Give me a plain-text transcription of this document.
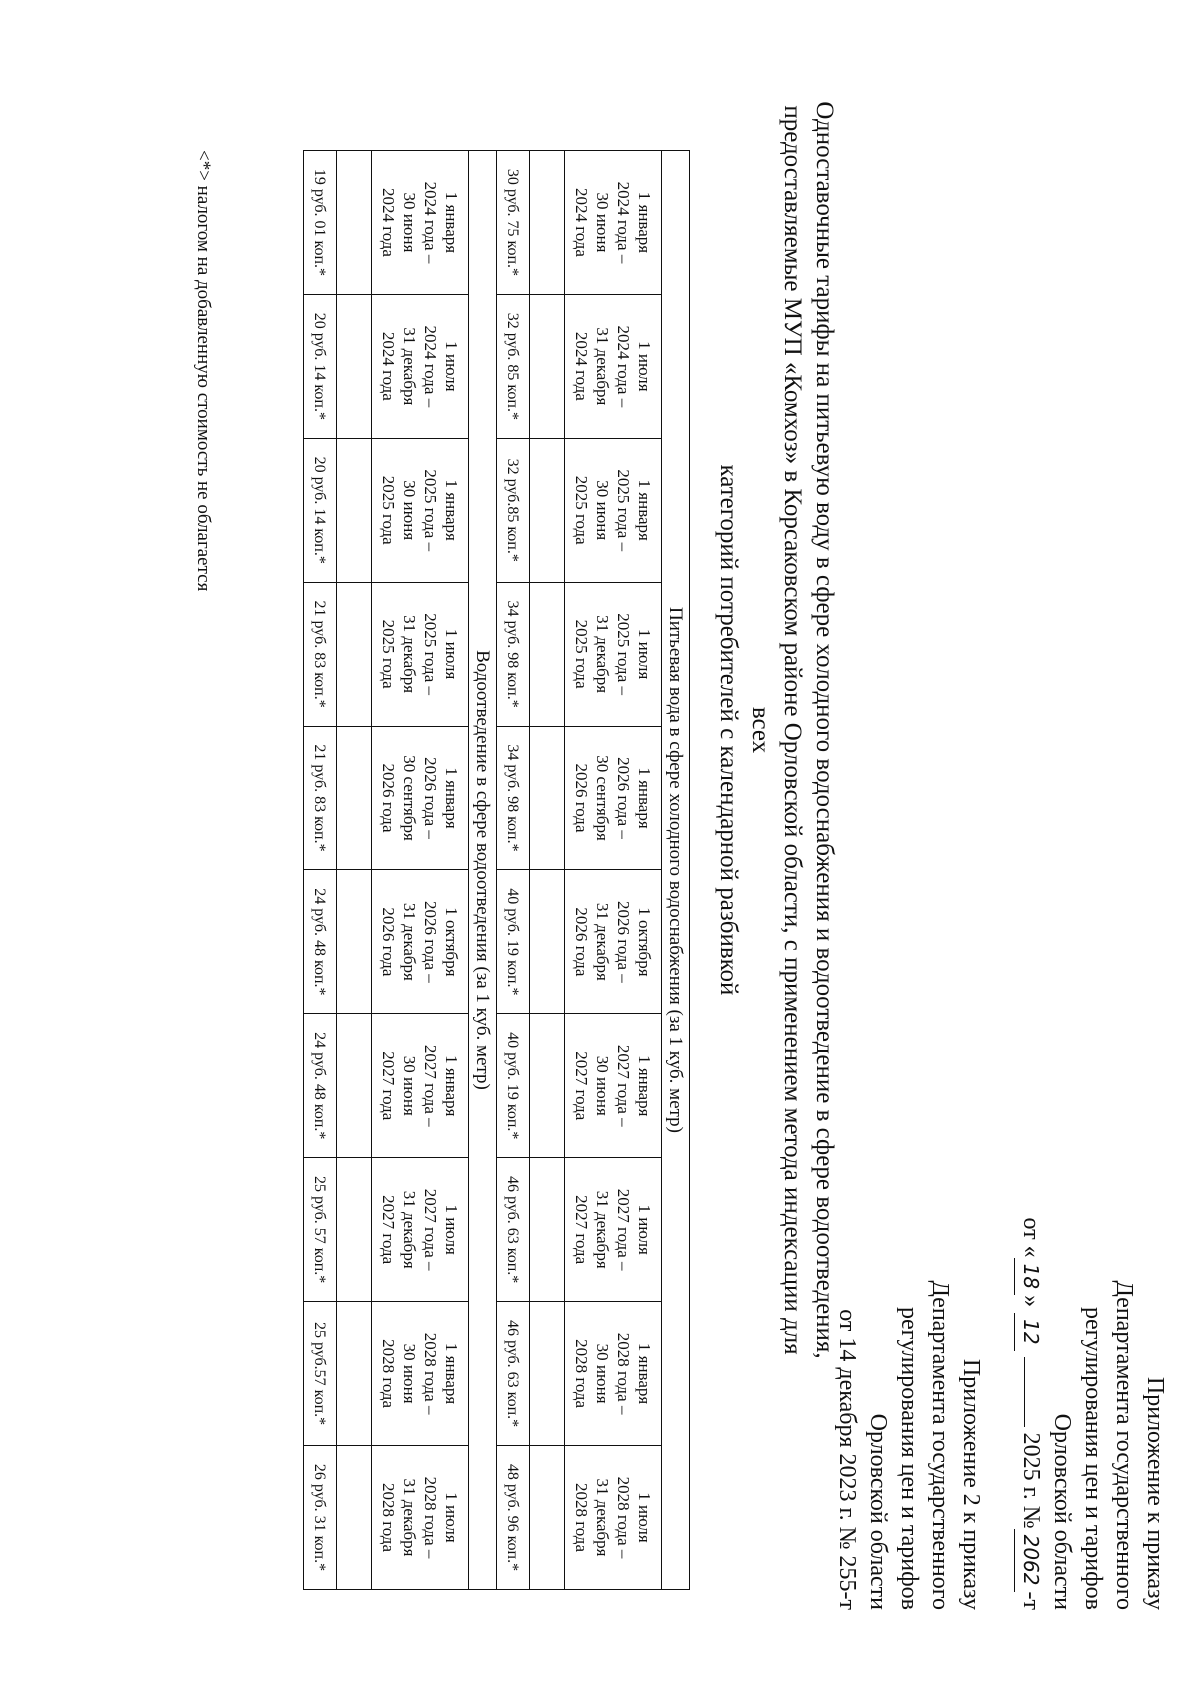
Приложение к приказу

Департамента государственного

регулирования цен и тарифов

Орловской области

от «18» 12  2025 г. №2062-т

Приложение 2 к приказу

Департамента государственного

регулирования цен и тарифов

Орловской области

от 14 декабря 2023 г. № 255-т

Одноставочные тарифы на питьевую воду в сфере холодного водоснабжения и водоотведение в сфере водоотведения,
предоставляемые МУП «Комхоз» в Корсаковском районе Орловской области, с применением метода индексации для всех
категорий потребителей с календарной разбивкой

Питьевая вода в сфере холодного водоснабжения (за 1 куб. метр)									

1 января
2024 года –
30 июня
2024 года	1 июля
2024 года –
31 декабря
2024 года	1 января
2025 года –
30 июня
2025 года	1 июля
2025 года –
31 декабря
2025 года	1 января
2026 года –
30 сентября
2026 года	1 октября
2026 года –
31 декабря
2026 года	1 января
2027 года –
30 июня
2027 года	1 июля
2027 года –
31 декабря
2027 года	1 января
2028 года –
30 июня
2028 года	1 июля
2028 года –
31 декабря
2028 года

30 руб. 75 коп.*	32 руб. 85 коп.*	32 руб.85 коп.*	34 руб. 98 коп.*	34 руб. 98 коп.*	40 руб. 19 коп.*	40 руб. 19 коп.*	46 руб. 63 коп.*	46 руб. 63 коп.*	48 руб. 96 коп.*
Водоотведение в сфере водоотведения (за 1 куб. метр)									

1 января
2024 года –
30 июня
2024 года	1 июля
2024 года –
31 декабря
2024 года	1 января
2025 года –
30 июня
2025 года	1 июля
2025 года –
31 декабря
2025 года	1 января
2026 года –
30 сентября
2026 года	1 октября
2026 года –
31 декабря
2026 года	1 января
2027 года –
30 июня
2027 года	1 июля
2027 года –
31 декабря
2027 года	1 января
2028 года –
30 июня
2028 года	1 июля
2028 года –
31 декабря
2028 года

19 руб. 01 коп.*	20 руб. 14 коп.*	20 руб. 14 коп.*	21 руб. 83 коп.*	21 руб. 83 коп.*	24 руб. 48 коп.*	24 руб. 48 коп.*	25 руб. 57 коп.*	25 руб.57 коп.*	26 руб. 31 коп.*
<*> налогом на добавленную стоимость не облагается
